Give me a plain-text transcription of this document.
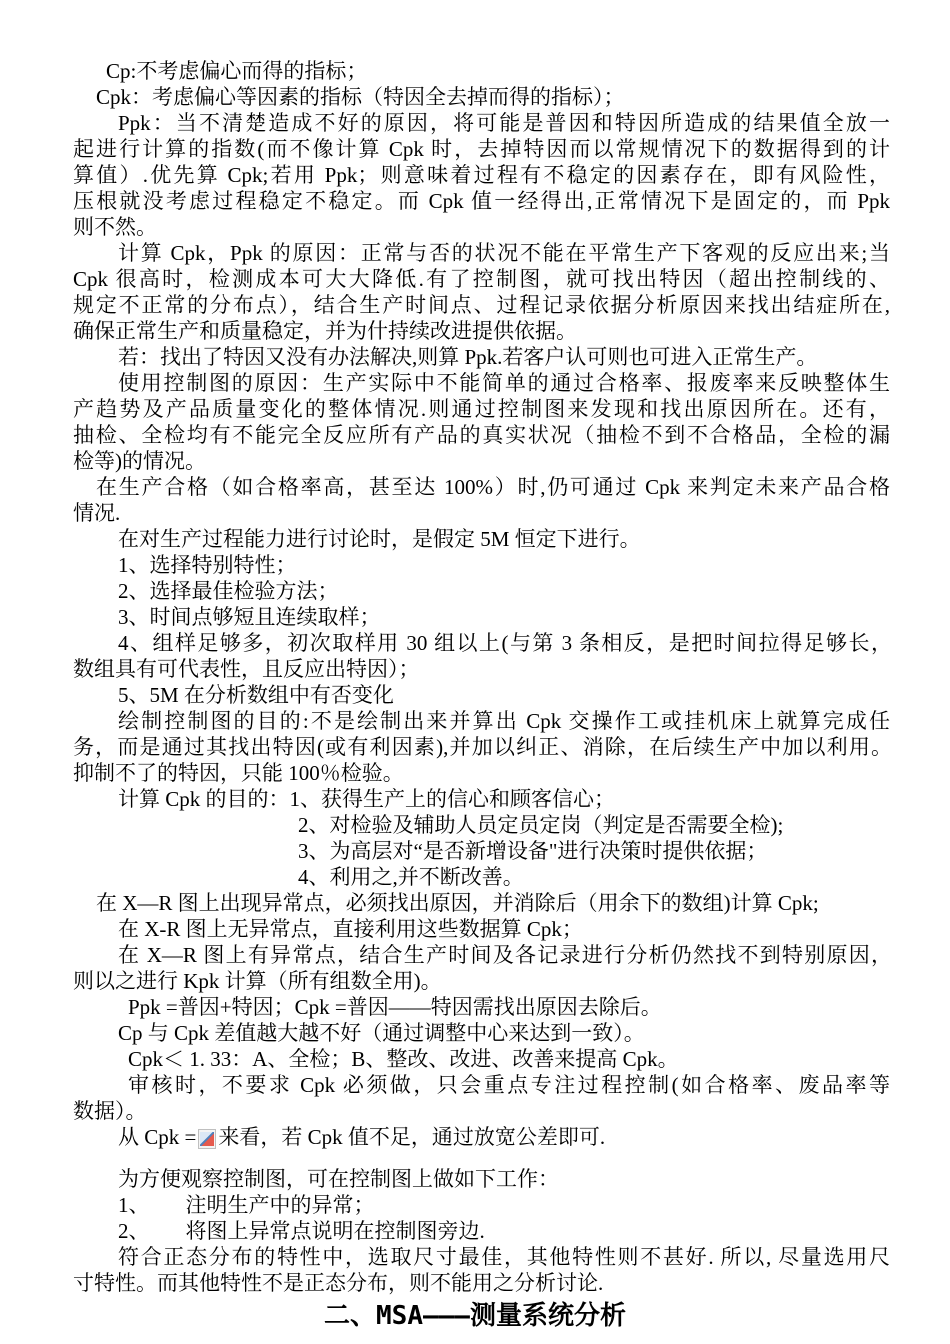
Cp:不考虑偏心而得的指标；
Cpk：考虑偏心等因素的指标（特因全去掉而得的指标）；
Ppk：当不清楚造成不好的原因，将可能是普因和特因所造成的结果值全放一
起进行计算的指数(而不像计算 Cpk 时，去掉特因而以常规情况下的数据得到的计
算值）.优先算 Cpk;若用 Ppk；则意味着过程有不稳定的因素存在，即有风险性，
压根就没考虑过程稳定不稳定。而 Cpk 值一经得出,正常情况下是固定的，而 Ppk
则不然。
计算 Cpk，Ppk 的原因：正常与否的状况不能在平常生产下客观的反应出来;当
Cpk 很高时，检测成本可大大降低.有了控制图，就可找出特因（超出控制线的、
规定不正常的分布点），结合生产时间点、过程记录依据分析原因来找出结症所在,
确保正常生产和质量稳定，并为什持续改进提供依据。
若：找出了特因又没有办法解决,则算 Ppk.若客户认可则也可进入正常生产。
使用控制图的原因：生产实际中不能简单的通过合格率、报废率来反映整体生
产趋势及产品质量变化的整体情况.则通过控制图来发现和找出原因所在。还有，
抽检、全检均有不能完全反应所有产品的真实状况（抽检不到不合格品，全检的漏
检等)的情况。
在生产合格（如合格率高，甚至达 100%）时,仍可通过 Cpk 来判定未来产品合格
情况.
在对生产过程能力进行讨论时，是假定 5M 恒定下进行。
1、选择特别特性；
2、选择最佳检验方法；
3、时间点够短且连续取样；
4、组样足够多，初次取样用 30 组以上(与第 3 条相反，是把时间拉得足够长，
数组具有可代表性，且反应出特因）；
5、5M 在分析数组中有否变化
绘制控制图的目的:不是绘制出来并算出 Cpk 交操作工或挂机床上就算完成任
务，而是通过其找出特因(或有利因素),并加以纠正、消除，在后续生产中加以利用。
抑制不了的特因，只能 100％检验。
计算 Cpk 的目的：1、获得生产上的信心和顾客信心；
2、对检验及辅助人员定员定岗（判定是否需要全检);
3、为高层对“是否新增设备"进行决策时提供依据；
4、利用之,并不断改善。
在 X—R 图上出现异常点，必须找出原因，并消除后（用余下的数组)计算 Cpk;
在 X-R 图上无异常点，直接利用这些数据算 Cpk；
在 X—R 图上有异常点，结合生产时间及各记录进行分析仍然找不到特别原因，
则以之进行 Kpk 计算（所有组数全用)。
Ppk =普因+特因；Cpk =普因——特因需找出原因去除后。
Cp 与 Cpk 差值越大越不好（通过调整中心来达到一致）。
Cpk＜ 1. 33：A、全检；B、整改、改进、改善来提高 Cpk。
审核时，不要求 Cpk 必须做，只会重点专注过程控制(如合格率、废品率等
数据）。
从 Cpk = 来看，若 Cpk 值不足，通过放宽公差即可.
为方便观察控制图，可在控制图上做如下工作：
1、 注明生产中的异常；
2、 将图上异常点说明在控制图旁边.
符合正态分布的特性中，选取尺寸最佳，其他特性则不甚好. 所以, 尽量选用尺
寸特性。而其他特性不是正态分布，则不能用之分析讨论.
二、MSA———测量系统分析
